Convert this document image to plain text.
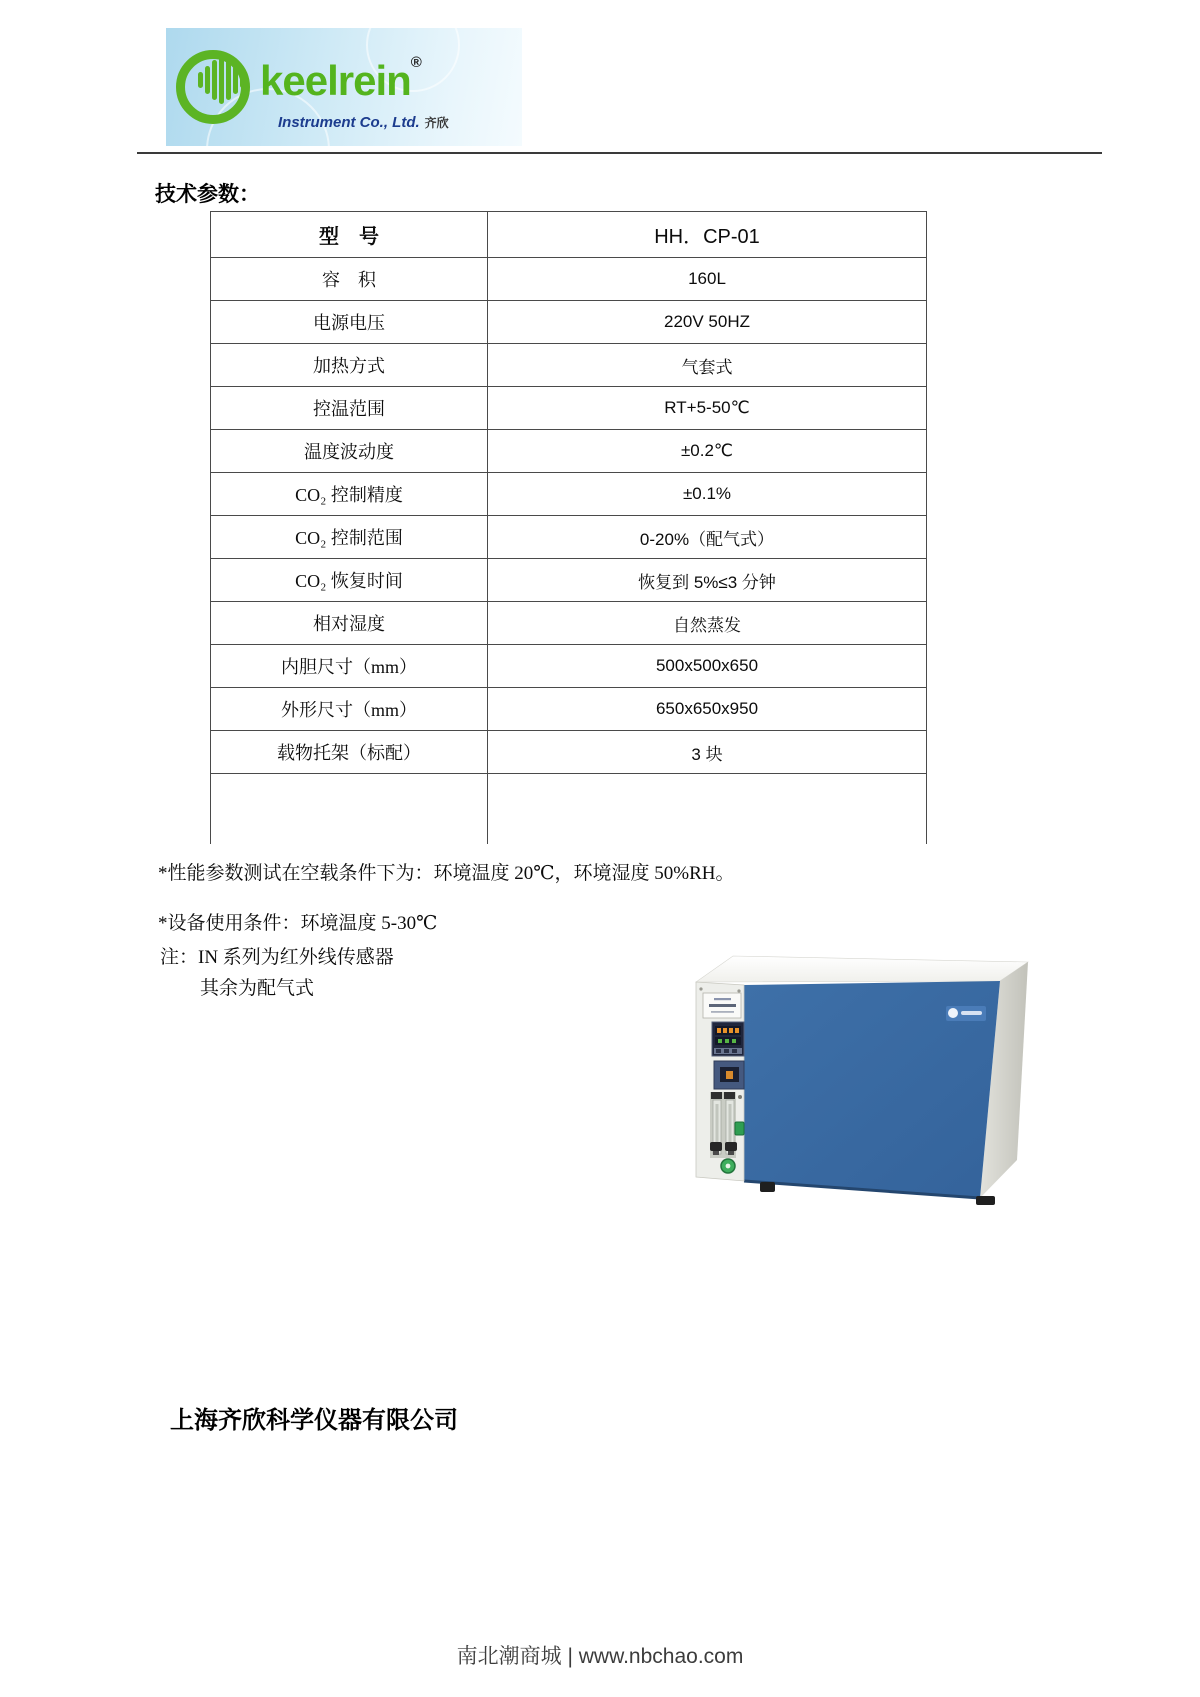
keelrein®
Instrument Co., Ltd. 齐欣
技术参数：
型　号	HH．CP-01
容　积	160L
电源电压	220V 50HZ
加热方式	气套式
控温范围	RT+5-50℃
温度波动度	±0.2℃
CO₂ 控制精度	±0.1%
CO₂ 控制范围	0-20%（配气式）
CO₂ 恢复时间	恢复到 5%≤3 分钟
相对湿度	自然蒸发
内胆尺寸（mm）	500x500x650
外形尺寸（mm）	650x650x950
载物托架（标配）	3 块

*性能参数测试在空载条件下为：环境温度 20℃，环境湿度 50%RH。
*设备使用条件：环境温度 5-30℃
注：IN 系列为红外线传感器
其余为配气式
上海齐欣科学仪器有限公司
南北潮商城 | www.nbchao.com
